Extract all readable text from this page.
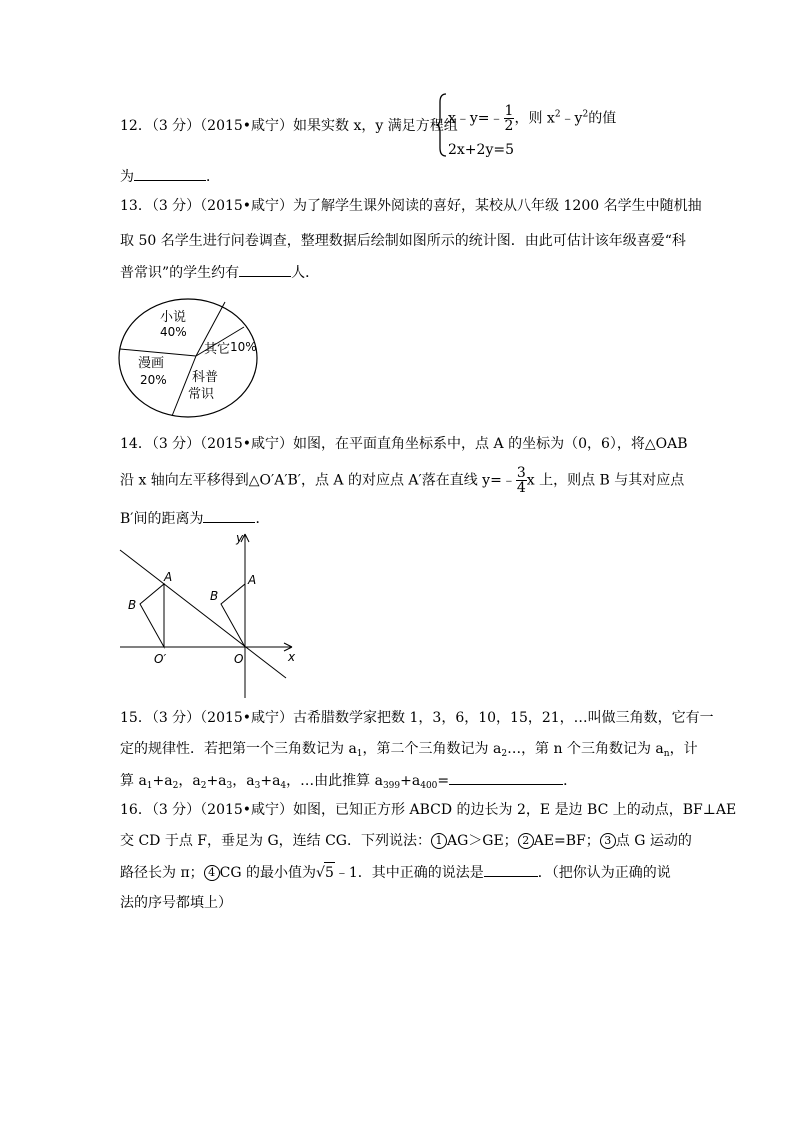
12．（3 分）（2015•咸宁）如果实数 x，y 满足方程组
x﹣y=﹣ $\frac{1}{2}$ ，则 $x^2﹣y^2$的值
2x+2y=5
为	．
13．（3 分）（2015•咸宁）为了解学生课外阅读的喜好，某校从八年级 1200 名学生中随机抽
取 50 名学生进行问卷调查，整理数据后绘制如图所示的统计图．由此可估计该年级喜爱“科
普常识”的学生约有	人．
小说
40%
其它 10%
漫画
20% 科普
常识
14．（3 分）（2015•咸宁）如图，在平面直角坐标系中，点 A 的坐标为（0，6），将△OAB
沿 x 轴向左平移得到△O′A′B′，点 A 的对应点 A′落在直线 y=﹣ $\frac{3}{4}$ x 上，则点 B 与其对应点
B′间的距离为	．
y
x
A
B
O′
A
B
O
15．（3 分）（2015•咸宁）古希腊数学家把数 1，3，6，10，15，21，…叫做三角数，它有一
定的规律性．若把第一个三角数记为 $a_1$，第二个三角数记为 $a_2\dots$，第 n 个三角数记为 $a_n$，计
算 $a_1+a_2$，$a_2+a_3$，$a_3+a_4$，…由此推算 $a_{399}+a_{400}=$	．
16．（3 分）（2015•咸宁）如图，已知正方形 ABCD 的边长为 2，E 是边 BC 上的动点，BF⊥AE
交 CD 于点 F，垂足为 G，连结 CG．下列说法： 1 AG＞GE； 2 AE=BF； 3 点 G 运动的
路径长为 π； 4 CG 的最小值为√5﹣1．其中正确的说法是	．（把你认为正确的说
法的序号都填上）
